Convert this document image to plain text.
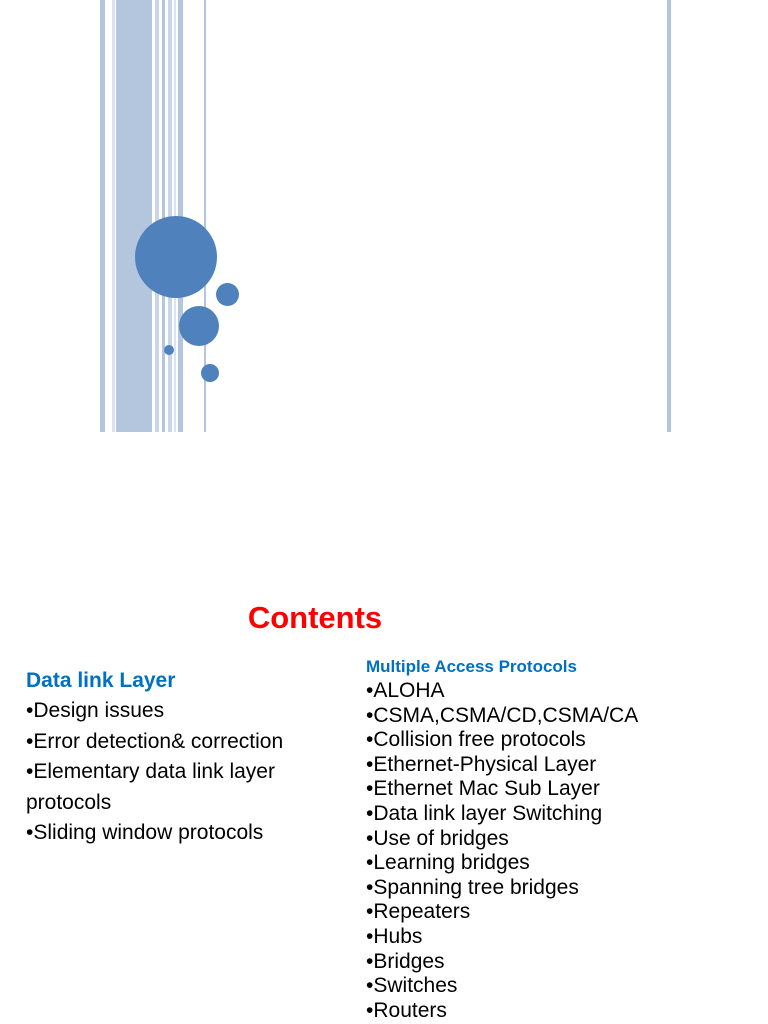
Contents
Data link Layer
•Design issues
•Error detection& correction
•Elementary data link layer protocols
•Sliding window protocols
Multiple Access Protocols
•ALOHA
•CSMA,CSMA/CD,CSMA/CA
•Collision free protocols
•Ethernet-Physical Layer
•Ethernet Mac Sub Layer
•Data link layer Switching
•Use of bridges
•Learning bridges
•Spanning tree bridges
•Repeaters
•Hubs
•Bridges
•Switches
•Routers
